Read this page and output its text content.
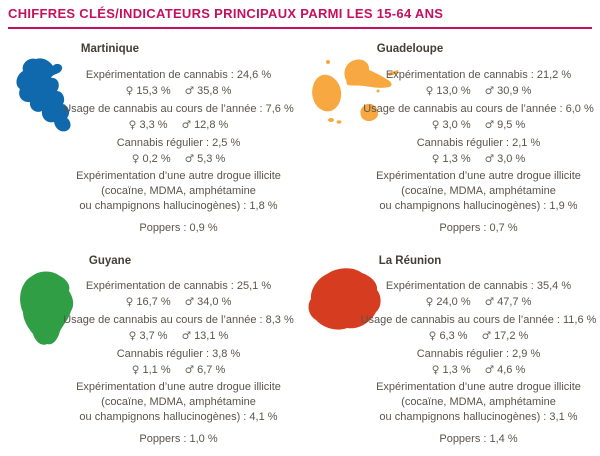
CHIFFRES CLÉS/INDICATEURS PRINCIPAUX PARMI LES 15-64 ANS
Martinique

Expérimentation de cannabis : 24,6 %

♀ 15,3 % ♂ 35,8 %

Usage de cannabis au cours de l’année : 7,6 %

♀ 3,3 % ♂ 12,8 %

Cannabis régulier : 2,5 %

♀ 0,2 % ♂ 5,3 %

Expérimentation d’une autre drogue illicite

(cocaïne, MDMA, amphétamine

ou champignons hallucinogènes) : 1,8 %

Poppers : 0,9 %

Guadeloupe

Expérimentation de cannabis : 21,2 %

♀ 13,0 % ♂ 30,9 %

Usage de cannabis au cours de l’année : 6,0 %

♀ 3,0 % ♂ 9,5 %

Cannabis régulier : 2,1 %

♀ 1,3 % ♂ 3,0 %

Expérimentation d’une autre drogue illicite

(cocaïne, MDMA, amphétamine

ou champignons hallucinogènes) : 1,9 %

Poppers : 0,7 %

Guyane

Expérimentation de cannabis : 25,1 %

♀ 16,7 % ♂ 34,0 %

Usage de cannabis au cours de l’année : 8,3 %

♀ 3,7 % ♂ 13,1 %

Cannabis régulier : 3,8 %

♀ 1,1 % ♂ 6,7 %

Expérimentation d’une autre drogue illicite

(cocaïne, MDMA, amphétamine

ou champignons hallucinogènes) : 4,1 %

Poppers : 1,0 %

La Réunion

Expérimentation de cannabis : 35,4 %

♀ 24,0 % ♂ 47,7 %

Usage de cannabis au cours de l’année : 11,6 %

♀ 6,3 % ♂ 17,2 %

Cannabis régulier : 2,9 %

♀ 1,3 % ♂ 4,6 %

Expérimentation d’une autre drogue illicite

(cocaïne, MDMA, amphétamine

ou champignons hallucinogènes) : 3,1 %

Poppers : 1,4 %
